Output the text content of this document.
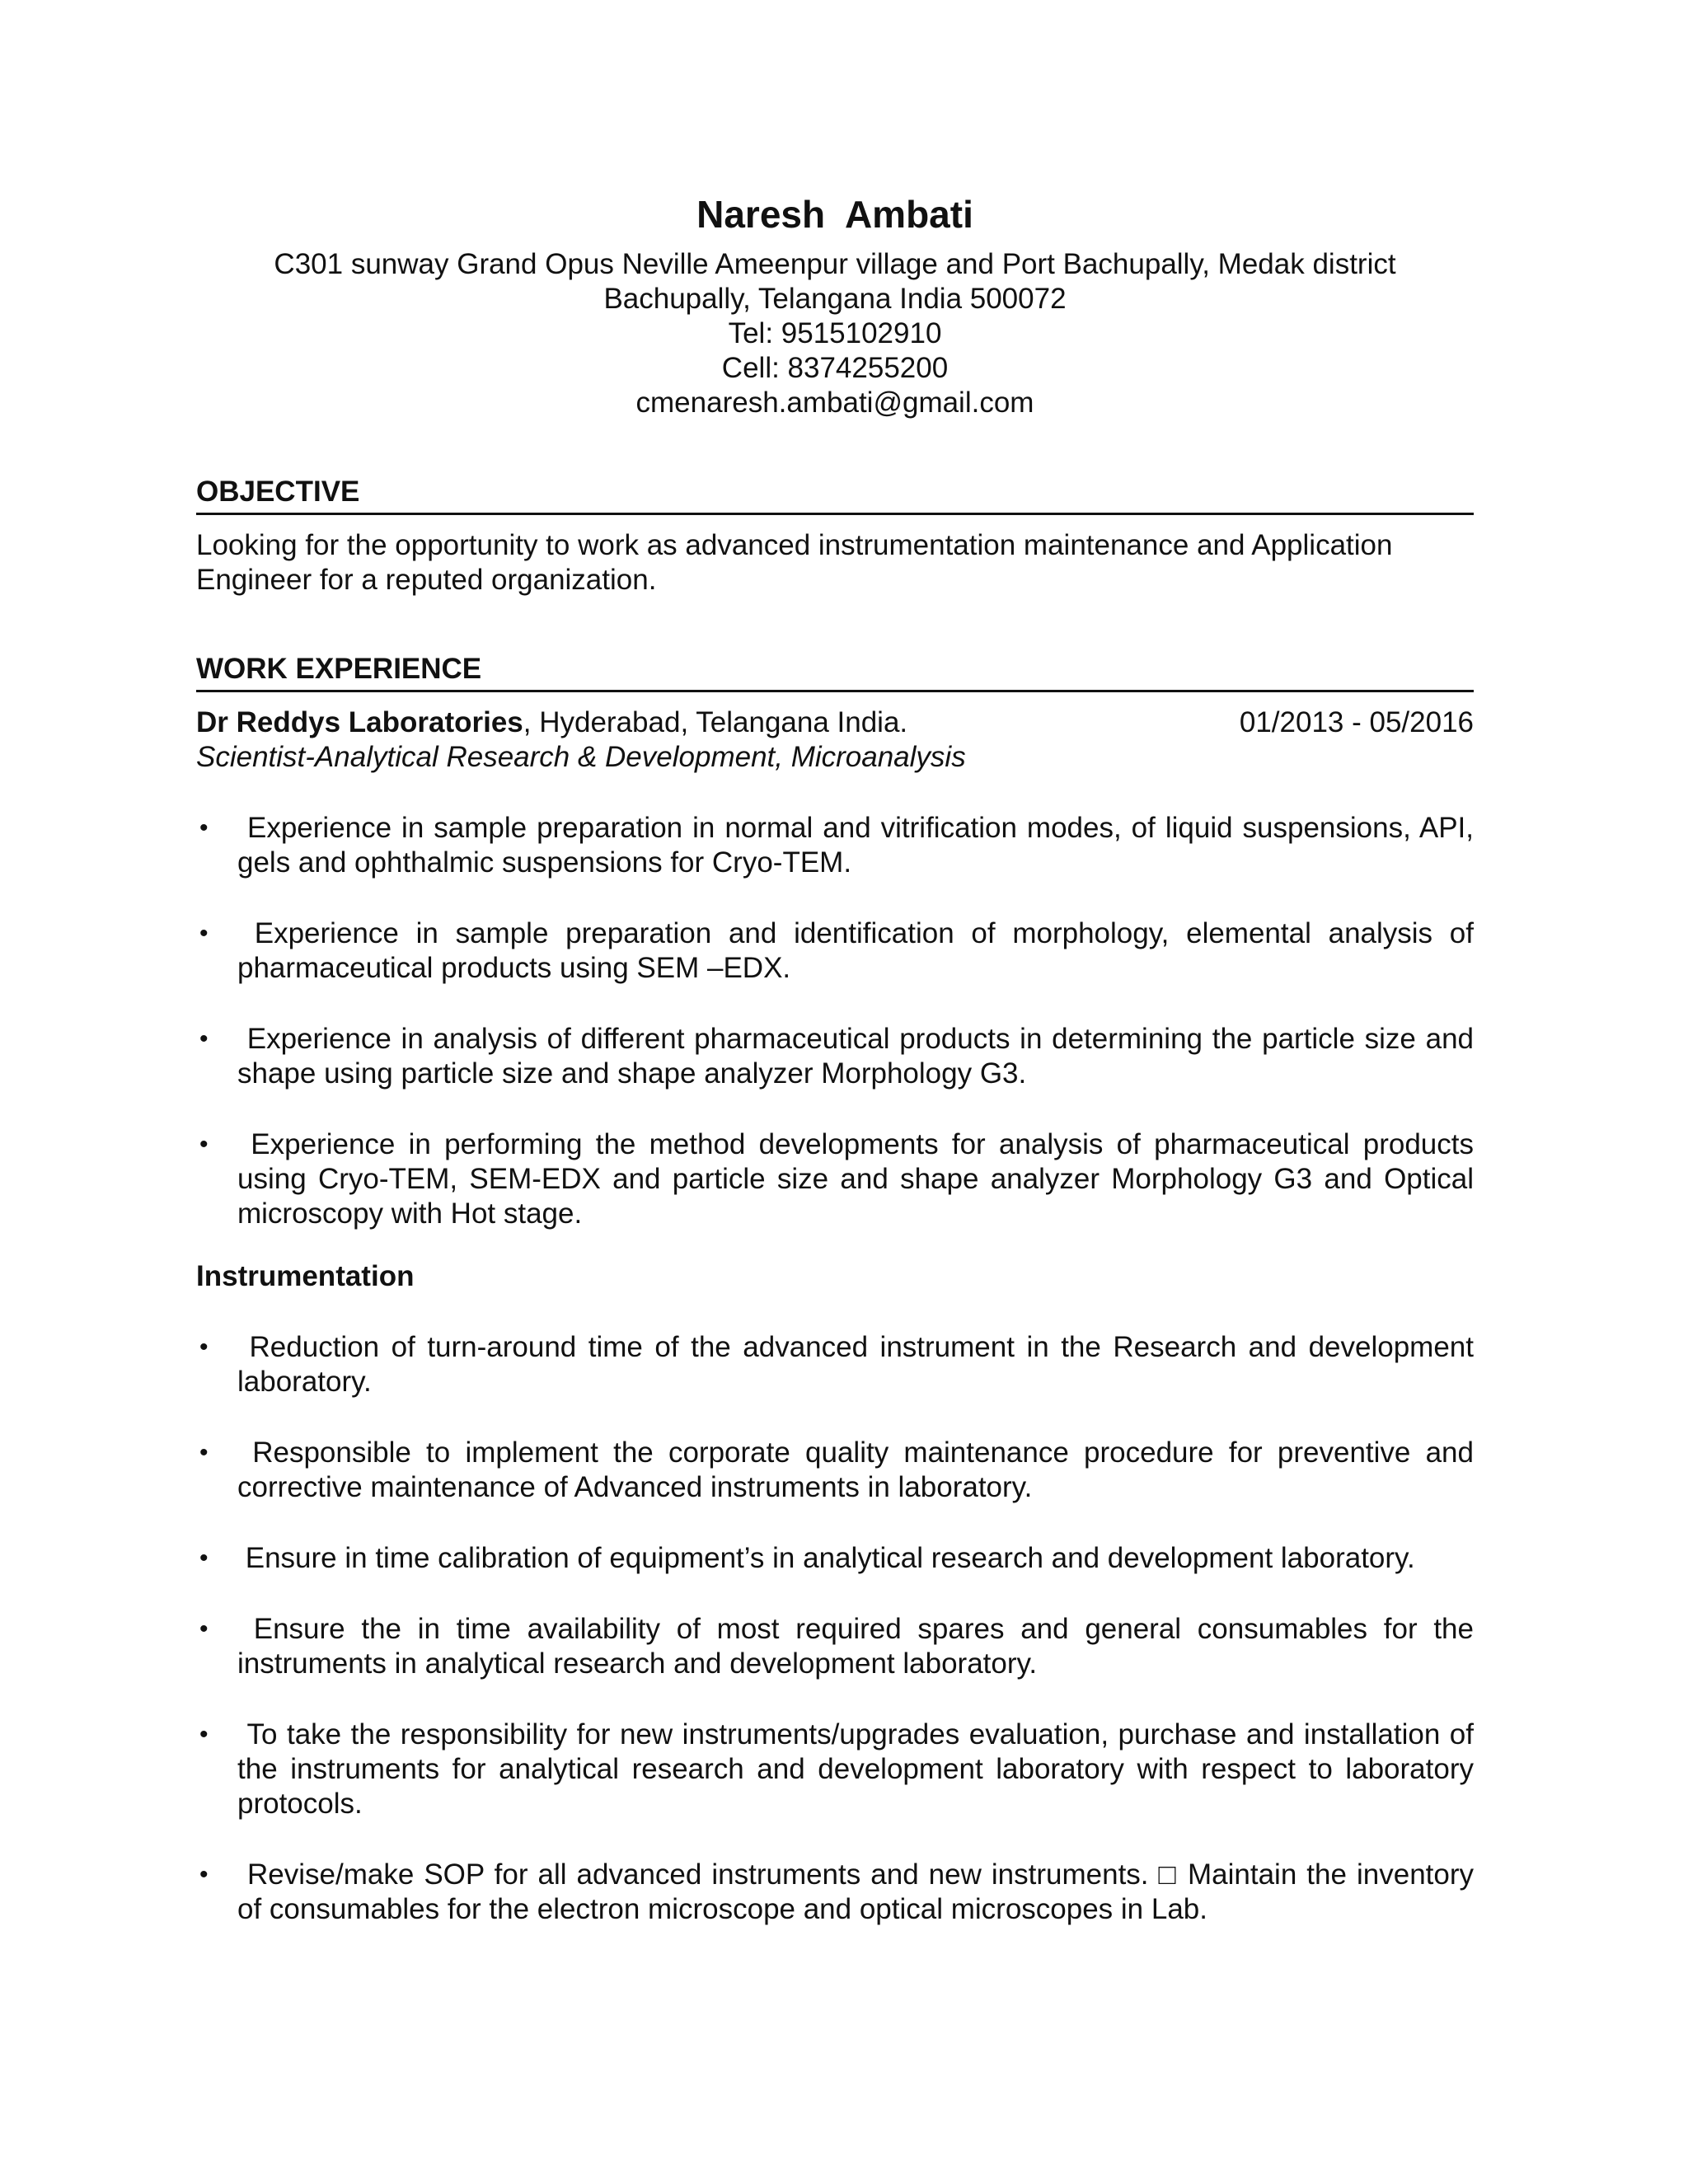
Naresh  Ambati

C301 sunway Grand Opus Neville Ameenpur village and Port Bachupally, Medak district

Bachupally, Telangana India 500072

Tel: 9515102910

Cell: 8374255200

cmenaresh.ambati@gmail.com

OBJECTIVE

Looking for the opportunity to work as advanced instrumentation maintenance and Application Engineer for a reputed organization.

WORK EXPERIENCE
Dr Reddys Laboratories, Hyderabad, Telangana India.	01/2013 - 05/2016

Scientist-Analytical Research & Development, Microanalysis

• Experience in sample preparation in normal and vitrification modes, of liquid suspensions, API, gels and ophthalmic suspensions for Cryo-TEM.
• Experience in sample preparation and identification of morphology, elemental analysis of pharmaceutical products using SEM –EDX.
• Experience in analysis of different pharmaceutical products in determining the particle size and shape using particle size and shape analyzer Morphology G3.
• Experience in performing the method developments for analysis of pharmaceutical products using Cryo-TEM, SEM-EDX and particle size and shape analyzer Morphology G3 and Optical microscopy with Hot stage.
Instrumentation
• Reduction of turn-around time of the advanced instrument in the Research and development laboratory.
• Responsible to implement the corporate quality maintenance procedure for preventive and corrective maintenance of Advanced instruments in laboratory.
• Ensure in time calibration of equipment’s in analytical research and development laboratory.
• Ensure the in time availability of most required spares and general consumables for the instruments in analytical research and development laboratory.
• To take the responsibility for new instruments/upgrades evaluation, purchase and installation of the instruments for analytical research and development laboratory with respect to laboratory protocols.
• Revise/make SOP for all advanced instruments and new instruments. □ Maintain the inventory of consumables for the electron microscope and optical microscopes in Lab.
